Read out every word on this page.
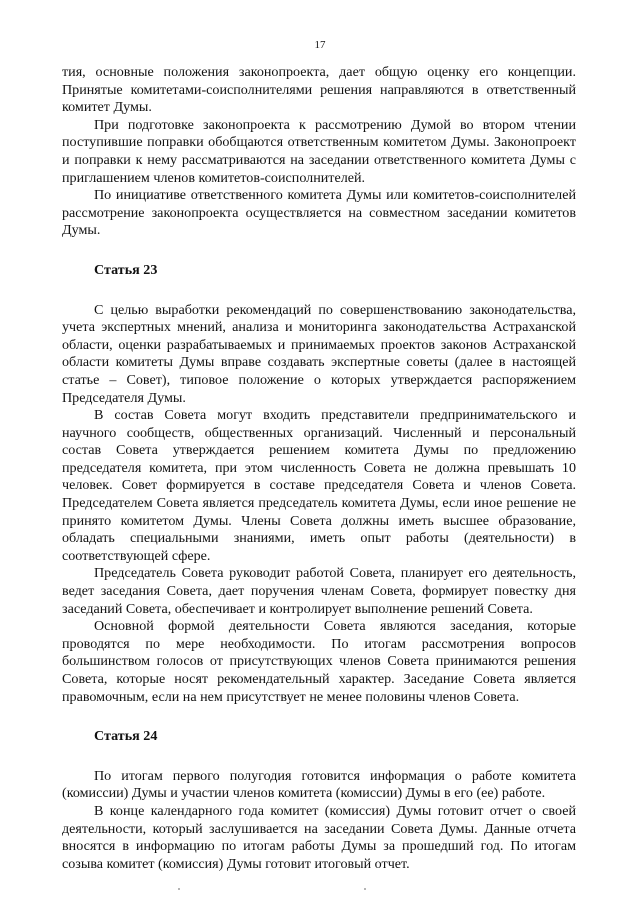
17

тия, основные положения законопроекта, дает общую оценку его концепции. Принятые комитетами-соисполнителями решения направляются в ответственный комитет Думы.

При подготовке законопроекта к рассмотрению Думой во втором чтении поступившие поправки обобщаются ответственным комитетом Думы. Законопроект и поправки к нему рассматриваются на заседании ответственного комитета Думы с приглашением членов комитетов-соисполнителей.

По инициативе ответственного комитета Думы или комитетов-соисполнителей рассмотрение законопроекта осуществляется на совместном заседании комитетов Думы.

Статья 23

С целью выработки рекомендаций по совершенствованию законодательства, учета экспертных мнений, анализа и мониторинга законодательства Астраханской области, оценки разрабатываемых и принимаемых проектов законов Астраханской области комитеты Думы вправе создавать экспертные советы (далее в настоящей статье – Совет), типовое положение о которых утверждается распоряжением Председателя Думы.

В состав Совета могут входить представители предпринимательского и научного сообществ, общественных организаций. Численный и персональный состав Совета утверждается решением комитета Думы по предложению председателя комитета, при этом численность Совета не должна превышать 10 человек. Совет формируется в составе председателя Совета и членов Совета. Председателем Совета является председатель комитета Думы, если иное решение не принято комитетом Думы. Члены Совета должны иметь высшее образование, обладать специальными знаниями, иметь опыт работы (деятельности) в соответствующей сфере.

Председатель Совета руководит работой Совета, планирует его деятельность, ведет заседания Совета, дает поручения членам Совета, формирует повестку дня заседаний Совета, обеспечивает и контролирует выполнение решений Совета.

Основной формой деятельности Совета являются заседания, которые проводятся по мере необходимости. По итогам рассмотрения вопросов большинством голосов от присутствующих членов Совета принимаются решения Совета, которые носят рекомендательный характер. Заседание Совета является правомочным, если на нем присутствует не менее половины членов Совета.

Статья 24

По итогам первого полугодия готовится информация о работе комитета (комиссии) Думы и участии членов комитета (комиссии) Думы в его (ее) работе.

В конце календарного года комитет (комиссия) Думы готовит отчет о своей деятельности, который заслушивается на заседании Совета Думы. Данные отчета вносятся в информацию по итогам работы Думы за прошедший год. По итогам созыва комитет (комиссия) Думы готовит итоговый отчет.
